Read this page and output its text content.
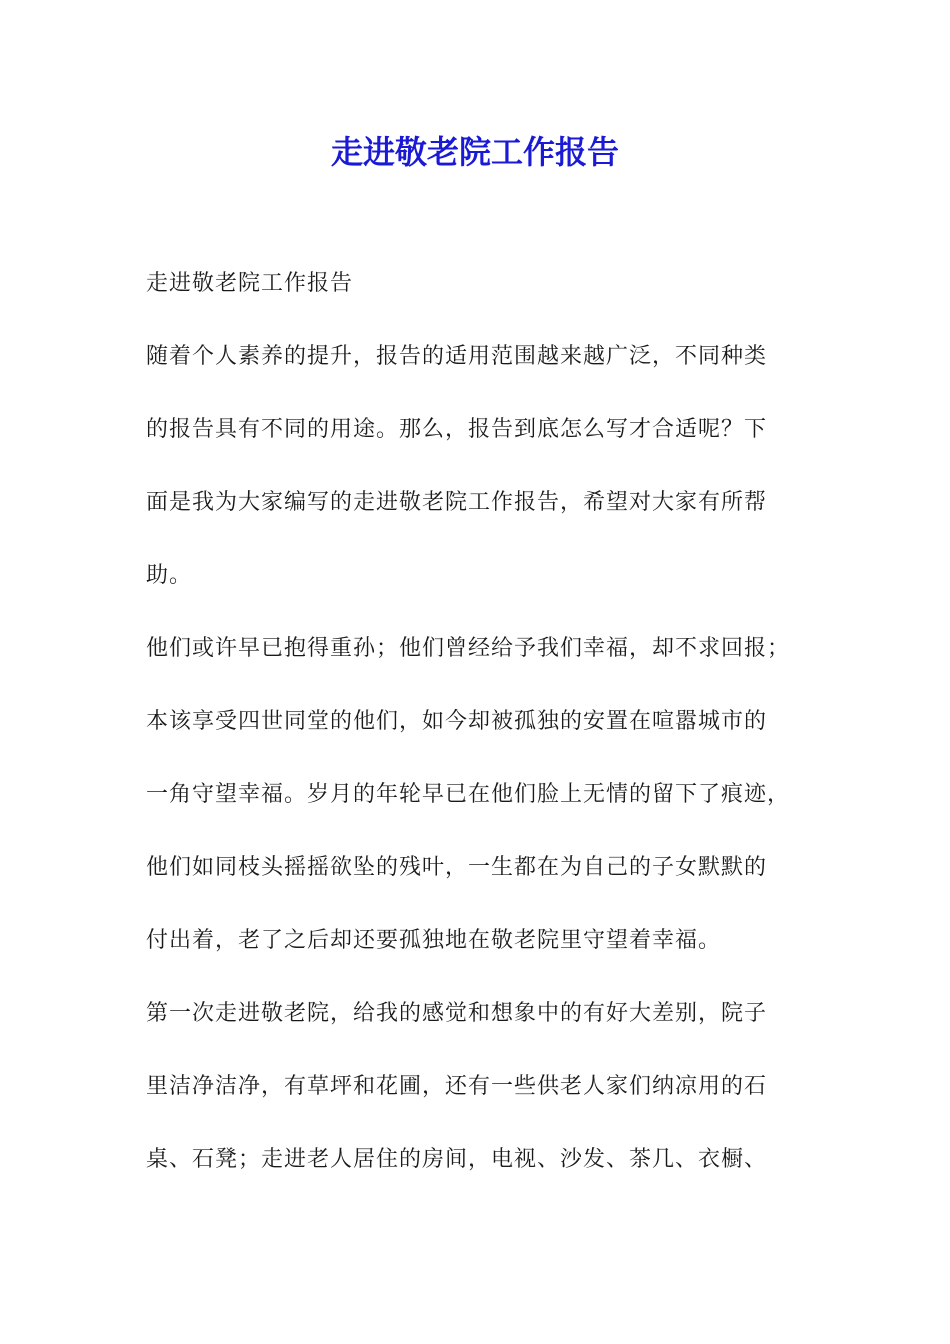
走进敬老院工作报告
走进敬老院工作报告
随着个人素养的提升，报告的适用范围越来越广泛，不同种类
的报告具有不同的用途。那么，报告到底怎么写才合适呢？下
面是我为大家编写的走进敬老院工作报告，希望对大家有所帮
助。
他们或许早已抱得重孙；他们曾经给予我们幸福，却不求回报；
本该享受四世同堂的他们，如今却被孤独的安置在喧嚣城市的
一角守望幸福。岁月的年轮早已在他们脸上无情的留下了痕迹，
他们如同枝头摇摇欲坠的残叶，一生都在为自己的子女默默的
付出着，老了之后却还要孤独地在敬老院里守望着幸福。
第一次走进敬老院，给我的感觉和想象中的有好大差别，院子
里洁净洁净，有草坪和花圃，还有一些供老人家们纳凉用的石
桌、石凳；走进老人居住的房间，电视、沙发、茶几、衣橱、
